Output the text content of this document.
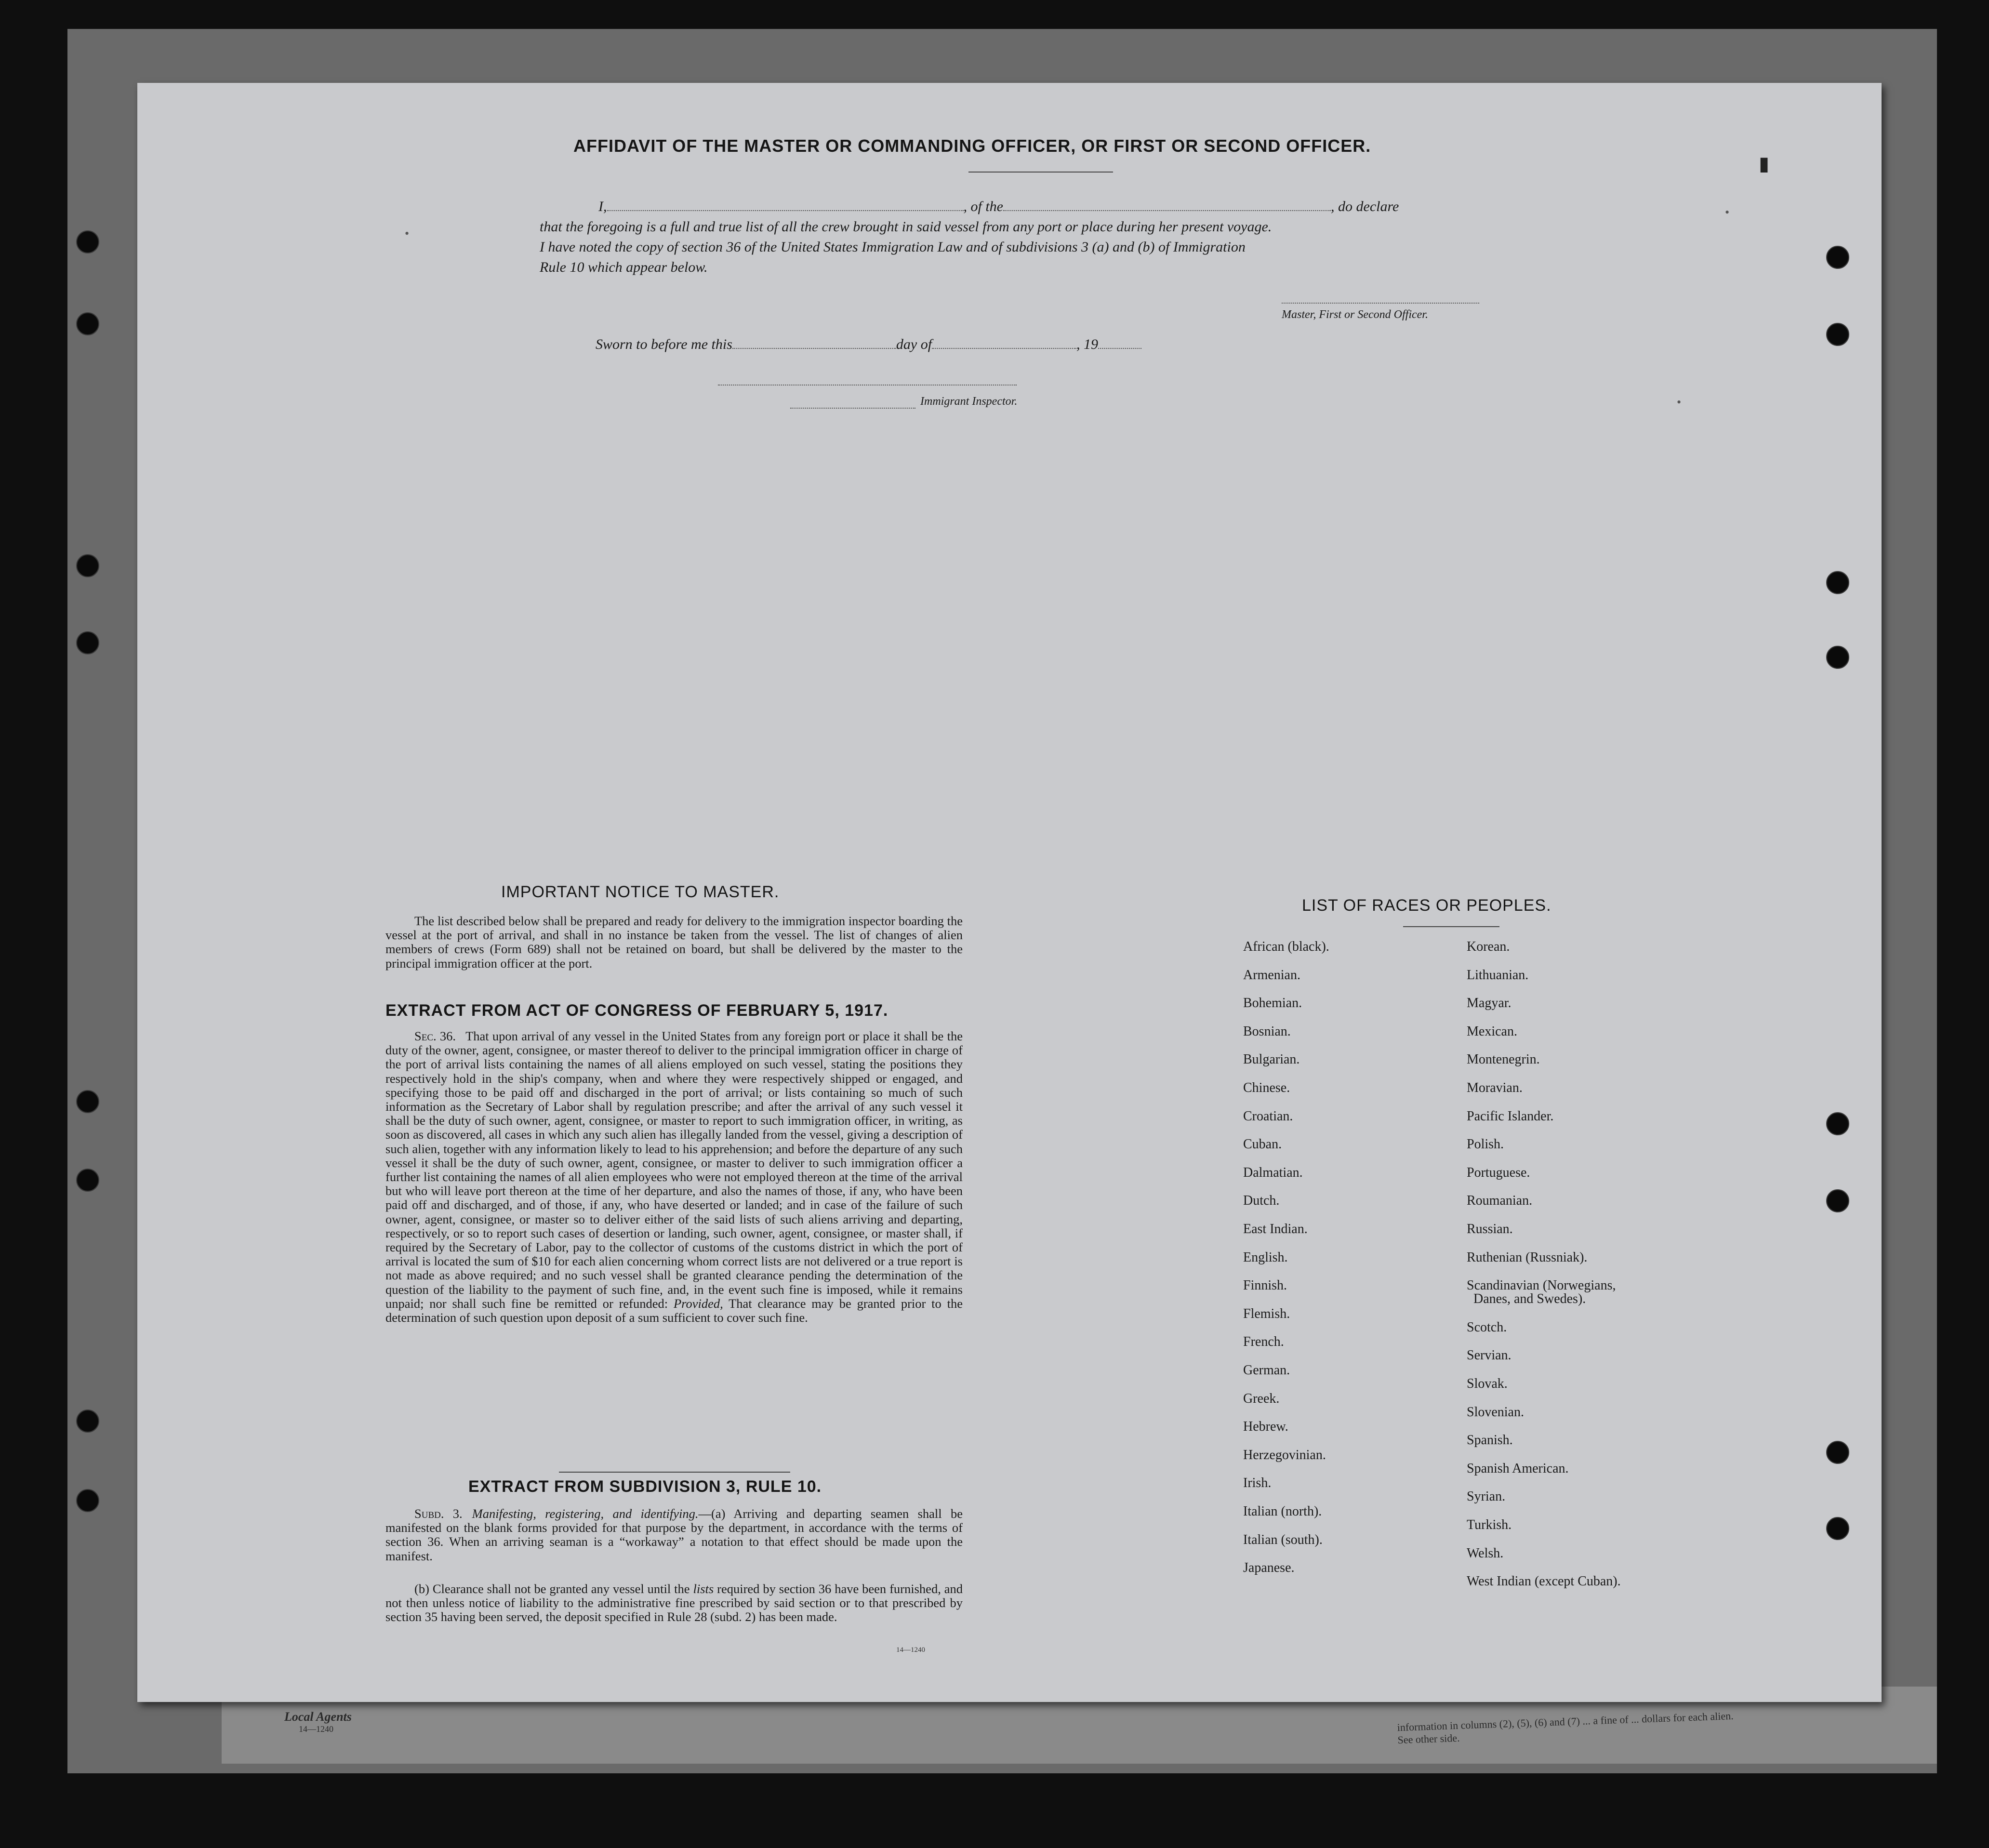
Local Agents
14—1240	information in columns (2), (5), (6) and (7) ... a fine of ... dollars for each alien. See other side.
AFFIDAVIT OF THE MASTER OR COMMANDING OFFICER, OR FIRST OR SECOND OFFICER.
I,	, of the	, do declare
that the foregoing is a full and true list of all the crew brought in said vessel from any port or place during her present voyage.
I have noted the copy of section 36 of the United States Immigration Law and of subdivisions 3 (a) and (b) of Immigration
Rule 10 which appear below.
Master, First or Second Officer.
Sworn to before me this	day of	, 19
Immigrant Inspector.
IMPORTANT NOTICE TO MASTER.
The list described below shall be prepared and ready for delivery to the immigration inspector boarding the vessel at the port of arrival, and shall in no instance be taken from the vessel. The list of changes of alien members of crews (Form 689) shall not be retained on board, but shall be delivered by the master to the principal immigration officer at the port.
EXTRACT FROM ACT OF CONGRESS OF FEBRUARY 5, 1917.
Sec. 36. That upon arrival of any vessel in the United States from any foreign port or place it shall be the duty of the owner, agent, consignee, or master thereof to deliver to the principal immigration officer in charge of the port of arrival lists containing the names of all aliens employed on such vessel, stating the positions they respectively hold in the ship's company, when and where they were respectively shipped or engaged, and specifying those to be paid off and discharged in the port of arrival; or lists containing so much of such information as the Secretary of Labor shall by regulation prescribe; and after the arrival of any such vessel it shall be the duty of such owner, agent, consignee, or master to report to such immigration officer, in writing, as soon as discovered, all cases in which any such alien has illegally landed from the vessel, giving a description of such alien, together with any information likely to lead to his apprehension; and before the departure of any such vessel it shall be the duty of such owner, agent, consignee, or master to deliver to such immigration officer a further list containing the names of all alien employees who were not employed thereon at the time of the arrival but who will leave port thereon at the time of her departure, and also the names of those, if any, who have been paid off and discharged, and of those, if any, who have deserted or landed; and in case of the failure of such owner, agent, consignee, or master so to deliver either of the said lists of such aliens arriving and departing, respectively, or so to report such cases of desertion or landing, such owner, agent, consignee, or master shall, if required by the Secretary of Labor, pay to the collector of customs of the customs district in which the port of arrival is located the sum of $10 for each alien concerning whom correct lists are not delivered or a true report is not made as above required; and no such vessel shall be granted clearance pending the determination of the question of the liability to the payment of such fine, and, in the event such fine is imposed, while it remains unpaid; nor shall such fine be remitted or refunded: Provided, That clearance may be granted prior to the determination of such question upon deposit of a sum sufficient to cover such fine.
EXTRACT FROM SUBDIVISION 3, RULE 10.
Subd. 3. Manifesting, registering, and identifying.—(a) Arriving and departing seamen shall be manifested on the blank forms provided for that purpose by the department, in accordance with the terms of section 36. When an arriving seaman is a “workaway” a notation to that effect should be made upon the manifest.
(b) Clearance shall not be granted any vessel until the lists required by section 36 have been furnished, and not then unless notice of liability to the administrative fine prescribed by said section or to that prescribed by section 35 having been served, the deposit specified in Rule 28 (subd. 2) has been made.
14—1240
LIST OF RACES OR PEOPLES.
African (black).
Armenian.
Bohemian.
Bosnian.
Bulgarian.
Chinese.
Croatian.
Cuban.
Dalmatian.
Dutch.
East Indian.
English.
Finnish.
Flemish.
French.
German.
Greek.
Hebrew.
Herzegovinian.
Irish.
Italian (north).
Italian (south).
Japanese.
Korean.
Lithuanian.
Magyar.
Mexican.
Montenegrin.
Moravian.
Pacific Islander.
Polish.
Portuguese.
Roumanian.
Russian.
Ruthenian (Russniak).
Scandinavian (Norwegians,
Danes, and Swedes).
Scotch.
Servian.
Slovak.
Slovenian.
Spanish.
Spanish American.
Syrian.
Turkish.
Welsh.
West Indian (except Cuban).
▮
•
•
•
